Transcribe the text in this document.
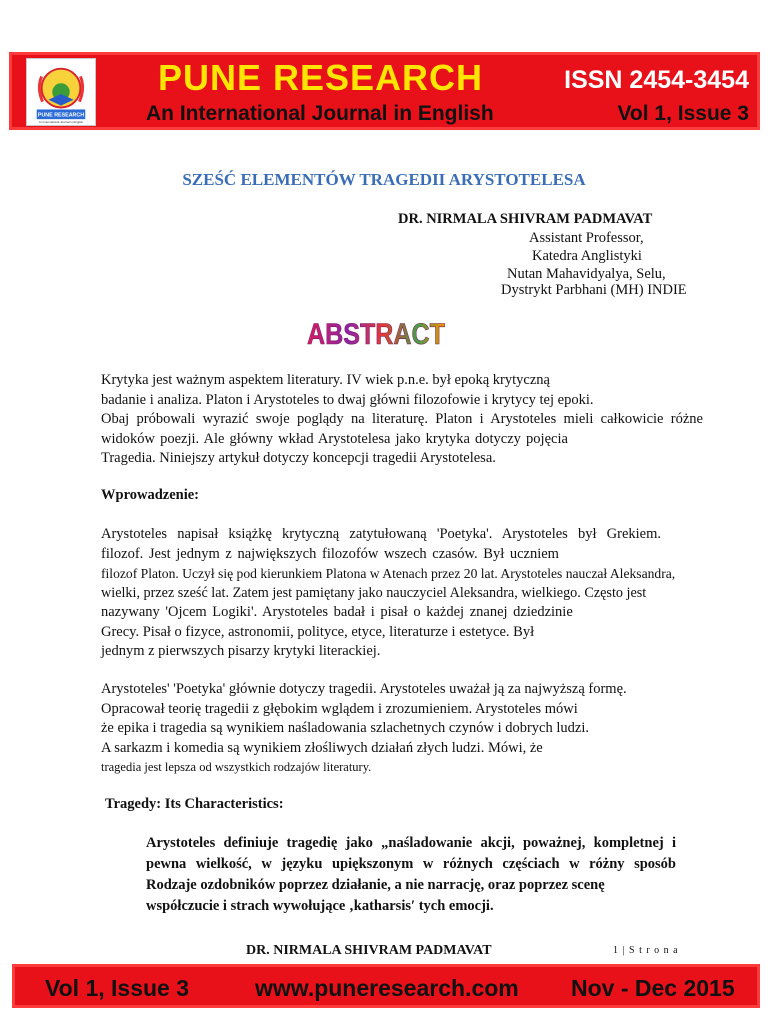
PUNE RESEARCH
An International Journal in English
PUNE RESEARCH	ISSN 2454-3454
An International Journal in English	Vol 1, Issue 3
SZEŚĆ ELEMENTÓW TRAGEDII ARYSTOTELESA
DR. NIRMALA SHIVRAM PADMAVAT
Assistant Professor,
Katedra Anglistyki
Nutan Mahavidyalya, Selu,
Dystrykt Parbhani (MH) INDIE
ABSTRACT
Krytyka jest ważnym aspektem literatury. IV wiek p.n.e. był epoką krytyczną
badanie i analiza. Platon i Arystoteles to dwaj główni filozofowie i krytycy tej epoki.
Obaj próbowali wyrazić swoje poglądy na literaturę. Platon i Arystoteles mieli całkowicie różne
widoków poezji. Ale główny wkład Arystotelesa jako krytyka dotyczy pojęcia
Tragedia. Niniejszy artykuł dotyczy koncepcji tragedii Arystotelesa.
Wprowadzenie:
Arystoteles napisał książkę krytyczną zatytułowaną 'Poetyka'. Arystoteles był Grekiem.
filozof. Jest jednym z największych filozofów wszech czasów. Był uczniem
filozof Platon. Uczył się pod kierunkiem Platona w Atenach przez 20 lat. Arystoteles nauczał Aleksandra,
wielki, przez sześć lat. Zatem jest pamiętany jako nauczyciel Aleksandra, wielkiego. Często jest
nazywany 'Ojcem Logiki'. Arystoteles badał i pisał o każdej znanej dziedzinie
Grecy. Pisał o fizyce, astronomii, polityce, etyce, literaturze i estetyce. Był
jednym z pierwszych pisarzy krytyki literackiej.
Arystoteles' 'Poetyka' głównie dotyczy tragedii. Arystoteles uważał ją za najwyższą formę.
Opracował teorię tragedii z głębokim wglądem i zrozumieniem. Arystoteles mówi
że epika i tragedia są wynikiem naśladowania szlachetnych czynów i dobrych ludzi.
A sarkazm i komedia są wynikiem złośliwych działań złych ludzi. Mówi, że
tragedia jest lepsza od wszystkich rodzajów literatury.
Tragedy: Its Characteristics:
Arystoteles definiuje tragedię jako „naśladowanie akcji, poważnej, kompletnej i
pewna wielkość, w języku upiększonym w różnych częściach w różny sposób
Rodzaje ozdobników poprzez działanie, a nie narrację, oraz poprzez scenę
współczucie i strach wywołujące ‚katharsis′ tych emocji.
DR. NIRMALA SHIVRAM PADMAVAT	1 | S t r o n a
Vol 1, Issue 3	www.puneresearch.com Nov - Dec 2015
